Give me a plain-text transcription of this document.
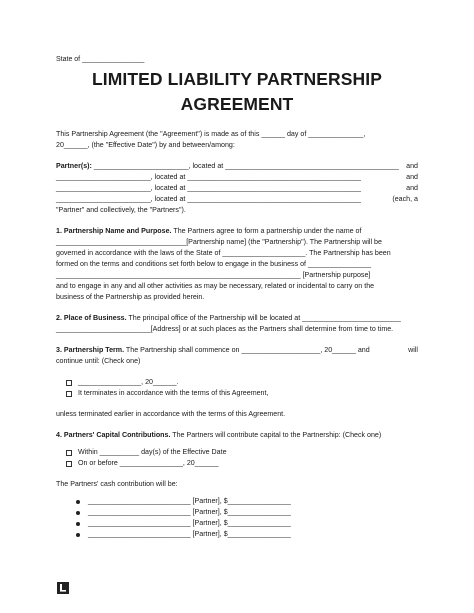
State of ________________
LIMITED LIABILITY PARTNERSHIP
AGREEMENT

This Partnership Agreement (the "Agreement") is made as of this ______ day of ______________,

20______, (the "Effective Date") by and between/among:

Partner(s): ________________________, located at ____________________________________________ and
________________________, located at ____________________________________________	and
________________________, located at ____________________________________________	and
________________________, located at ____________________________________________	(each, a

"Partner" and collectively, the "Partners").

1. Partnership Name and Purpose. The Partners agree to form a partnership under the name of

_________________________________[Partnership name] (the "Partnership"). The Partnership will be

governed in accordance with the laws of the State of _____________________. The Partnership has been

formed on the terms and conditions set forth below to engage in the business of ________________

______________________________________________________________ [Partnership purpose]

and to engage in any and all other activities as may be necessary, related or incidental to carry on the

business of the Partnership as provided herein.

2. Place of Business. The principal office of the Partnership will be located at _________________________

________________________[Address] or at such places as the Partners shall determine from time to time.

3. Partnership Term. The Partnership shall commence on ____________________, 20______ and	will

continue until: (Check one)

________________, 20______.
It terminates in accordance with the terms of this Agreement,

unless terminated earlier in accordance with the terms of this Agreement.

4. Partners' Capital Contributions. The Partners will contribute capital to the Partnership: (Check one)

Within __________ day(s) of the Effective Date
On or before ________________, 20______

The Partners' cash contribution will be:

__________________________ [Partner], $________________
__________________________ [Partner], $________________
__________________________ [Partner], $________________
__________________________ [Partner], $________________
